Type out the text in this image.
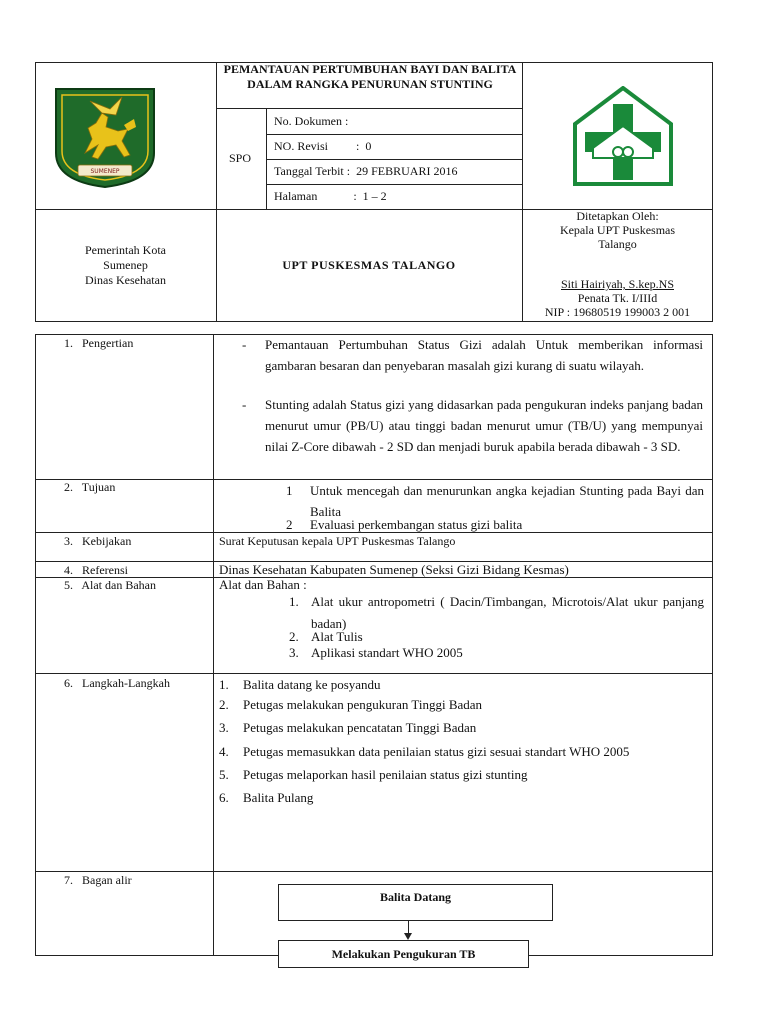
SUMENEP
PEMANTAUAN PERTUMBUHAN BAYI DAN BALITA DALAM RANGKA PENURUNAN STUNTING
SPO
No. Dokumen :
NO. Revisi : 0
Tanggal Terbit : 29 FEBRUARI 2016
Halaman	: 1 – 2
Pemerintah Kota
Sumenep
Dinas Kesehatan
UPT PUSKESMAS TALANGO
Ditetapkan Oleh:
Kepala UPT Puskesmas
Talango
Siti Hairiyah, S.kep.NS
Penata Tk. I/IIId
NIP : 19680519 199003 2 001
1.   Pengertian	- Pemantauan Pertumbuhan Status Gizi adalah Untuk memberikan informasi gambaran besaran dan penyebaran masalah gizi kurang di suatu wilayah.
- Stunting adalah Status gizi yang didasarkan pada pengukuran indeks panjang badan menurut umur (PB/U) atau tinggi badan menurut umur (TB/U) yang mempunyai nilai Z-Core dibawah - 2 SD dan menjadi buruk apabila berada dibawah - 3 SD.
2.   Tujuan	1 Untuk mencegah dan menurunkan angka kejadian Stunting pada Bayi dan Balita
2 Evaluasi perkembangan status gizi balita
3.   Kebijakan	Surat Keputusan kepala UPT Puskesmas Talango
4.   Referensi	Dinas Kesehatan Kabupaten Sumenep (Seksi Gizi Bidang Kesmas)
5.   Alat dan Bahan	Alat dan Bahan :
1. Alat ukur antropometri ( Dacin/Timbangan, Microtois/Alat ukur panjang badan)
2. Alat Tulis
3. Aplikasi standart WHO 2005
6.   Langkah-Langkah	1. Balita datang ke posyandu
2. Petugas melakukan pengukuran Tinggi Badan
3. Petugas melakukan pencatatan Tinggi Badan
4. Petugas memasukkan data penilaian status gizi sesuai standart WHO 2005
5. Petugas melaporkan hasil penilaian status gizi stunting
6. Balita Pulang
7.   Bagan alir
Balita Datang
Melakukan Pengukuran TB
